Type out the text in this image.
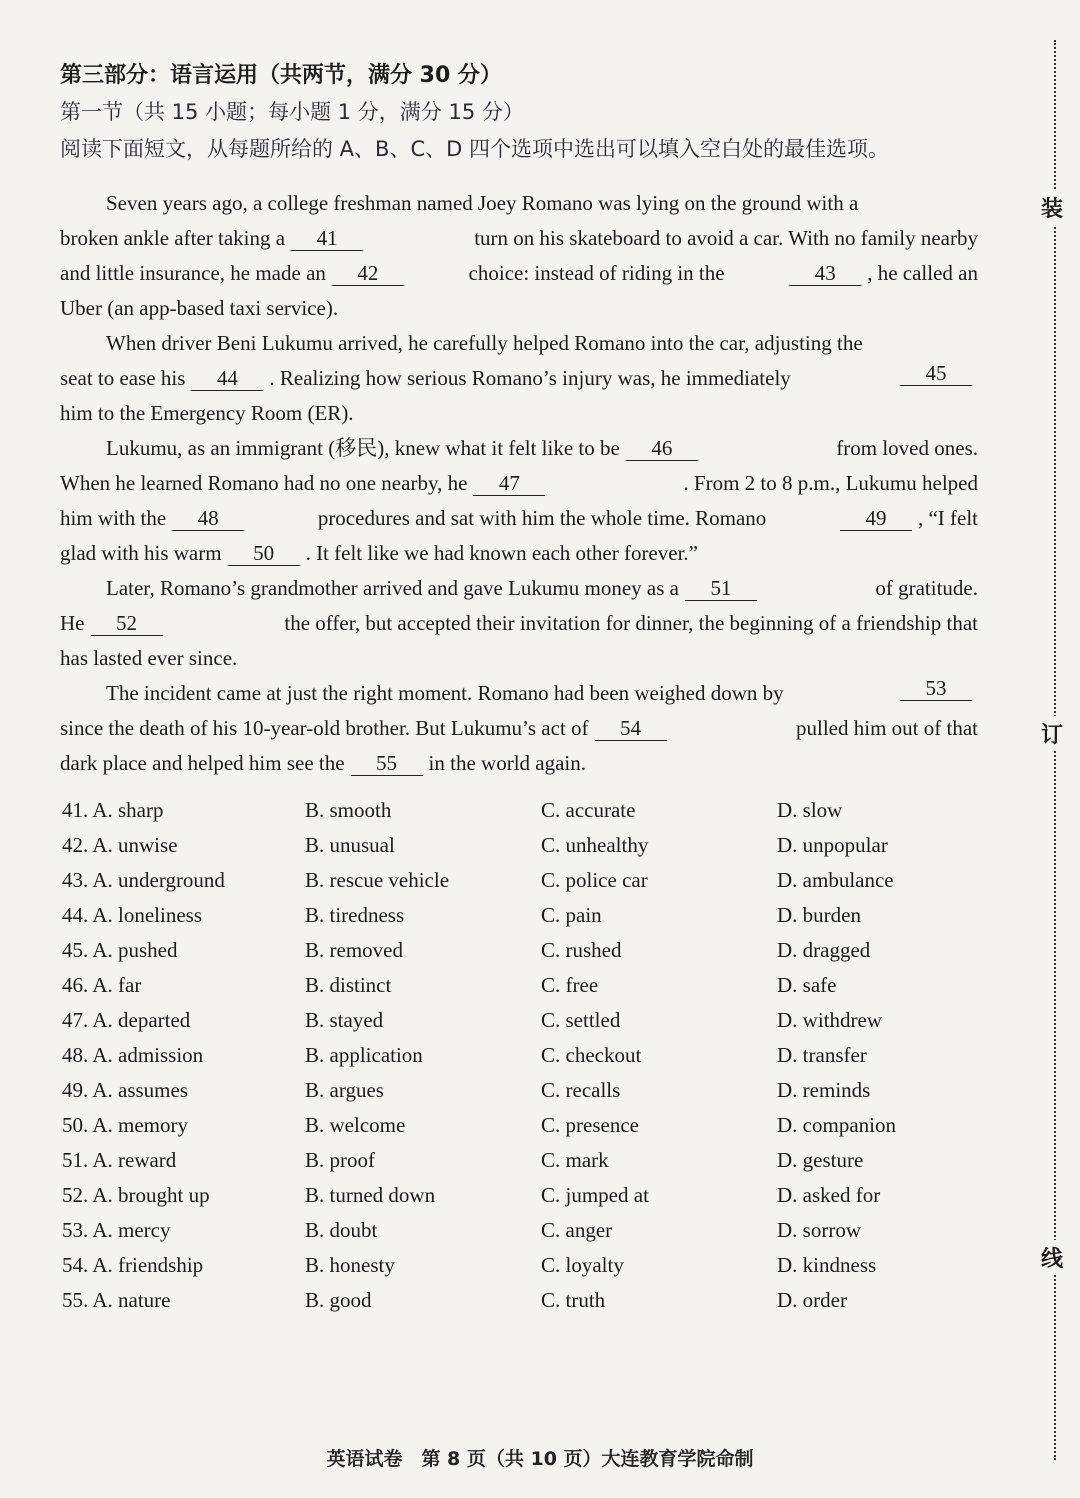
第三部分：语言运用（共两节，满分 30 分）
第一节（共 15 小题；每小题 1 分，满分 15 分）
阅读下面短文，从每题所给的 A、B、C、D 四个选项中选出可以填入空白处的最佳选项。
Seven years ago, a college freshman named Joey Romano was lying on the ground with a
broken ankle after taking a 41	turn on his skateboard to avoid a car. With no family nearby
and little insurance, he made an 42	choice: instead of riding in the	43 , he called an
Uber (an app-based taxi service).
When driver Beni Lukumu arrived, he carefully helped Romano into the car, adjusting the
seat to ease his 44 . Realizing how serious Romano’s injury was, he immediately	45
him to the Emergency Room (ER).
Lukumu, as an immigrant (移民), knew what it felt like to be 46	from loved ones.
When he learned Romano had no one nearby, he 47	. From 2 to 8 p.m., Lukumu helped
him with the 48	procedures and sat with him the whole time. Romano	49 , “I felt
glad with his warm 50 . It felt like we had known each other forever.”
Later, Romano’s grandmother arrived and gave Lukumu money as a 51	of gratitude.
He 52	the offer, but accepted their invitation for dinner, the beginning of a friendship that
has lasted ever since.
The incident came at just the right moment. Romano had been weighed down by	53
since the death of his 10-year-old brother. But Lukumu’s act of 54	pulled him out of that
dark place and helped him see the 55 in the world again.
41. A. sharp	B. smooth	C. accurate	D. slow
42. A. unwise	B. unusual	C. unhealthy	D. unpopular
43. A. underground	B. rescue vehicle	C. police car	D. ambulance
44. A. loneliness	B. tiredness	C. pain	D. burden
45. A. pushed	B. removed	C. rushed	D. dragged
46. A. far	B. distinct	C. free	D. safe
47. A. departed	B. stayed	C. settled	D. withdrew
48. A. admission	B. application	C. checkout	D. transfer
49. A. assumes	B. argues	C. recalls	D. reminds
50. A. memory	B. welcome	C. presence	D. companion
51. A. reward	B. proof	C. mark	D. gesture
52. A. brought up	B. turned down	C. jumped at	D. asked for
53. A. mercy	B. doubt	C. anger	D. sorrow
54. A. friendship	B. honesty	C. loyalty	D. kindness
55. A. nature	B. good	C. truth	D. order
装
订
线
英语试卷　第 8 页（共 10 页）大连教育学院命制
